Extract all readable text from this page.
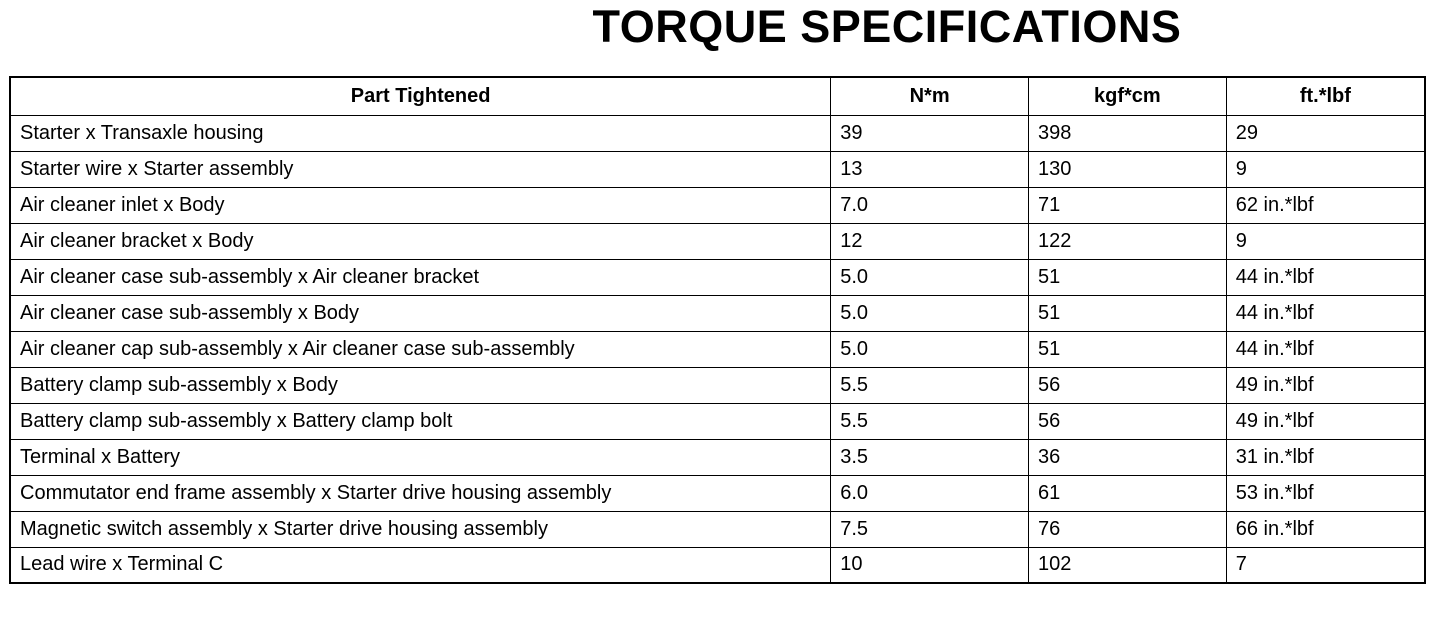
TORQUE SPECIFICATIONS
Part Tightened	N*m	kgf*cm	ft.*lbf
Starter x Transaxle housing	39	398	29
Starter wire x Starter assembly	13	130	9
Air cleaner inlet x Body	7.0	71	62 in.*lbf
Air cleaner bracket x Body	12	122	9
Air cleaner case sub-assembly x Air cleaner bracket	5.0	51	44 in.*lbf
Air cleaner case sub-assembly x Body	5.0	51	44 in.*lbf
Air cleaner cap sub-assembly x Air cleaner case sub-assembly	5.0	51	44 in.*lbf
Battery clamp sub-assembly x Body	5.5	56	49 in.*lbf
Battery clamp sub-assembly x Battery clamp bolt	5.5	56	49 in.*lbf
Terminal x Battery	3.5	36	31 in.*lbf
Commutator end frame assembly x Starter drive housing assembly	6.0	61	53 in.*lbf
Magnetic switch assembly x Starter drive housing assembly	7.5	76	66 in.*lbf
Lead wire x Terminal C	10	102	7
